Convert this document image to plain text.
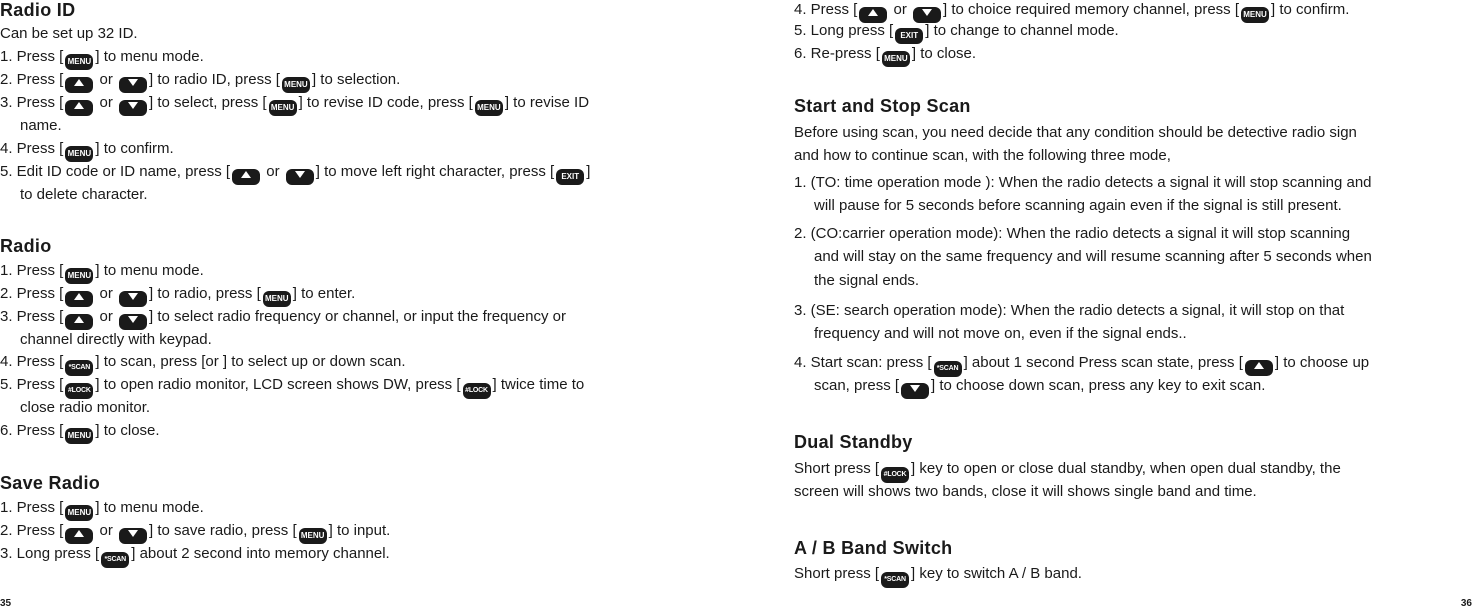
Radio ID
Can be set up 32 ID.
1. Press [ MENU ] to menu mode.
2. Press [ or ] to radio ID, press [ MENU ] to selection.
3. Press [ or ] to select, press [ MENU ] to revise ID code, press [ MENU ] to revise ID
name.
4. Press [ MENU ] to confirm.
5. Edit ID code or ID name, press [ or ] to move left right character, press [ EXIT ]
to delete character.
Radio
1. Press [ MENU ] to menu mode.
2. Press [ or ] to radio, press [ MENU ] to enter.
3. Press [ or ] to select radio frequency or channel, or input the frequency or
channel directly with keypad.
4. Press [ *SCAN ] to scan, press [or ] to select up or down scan.
5. Press [ #LOCK ] to open radio monitor, LCD screen shows DW, press [ #LOCK ] twice time to
close radio monitor.
6. Press [ MENU ] to close.
Save Radio
1. Press [ MENU ] to menu mode.
2. Press [ or ] to save radio, press [ MENU ] to input.
3. Long press [ *SCAN ] about 2 second into memory channel.
35
4. Press [ or ] to choice required memory channel, press [ MENU ] to confirm.
5. Long press [ EXIT ] to change to channel mode.
6. Re-press [ MENU ] to close.
Start and Stop Scan
Before using scan, you need decide that any condition should be detective radio sign
and how to continue scan, with the following three mode,
1. (TO: time operation mode ): When the radio detects a signal it will stop scanning and
will pause for 5 seconds before scanning again even if the signal is still present.
2. (CO:carrier operation mode): When the radio detects a signal it will stop scanning
and will stay on the same frequency and will resume scanning after 5 seconds when
the signal ends.
3. (SE: search operation mode): When the radio detects a signal, it will stop on that
frequency and will not move on, even if the signal ends..
4. Start scan: press [ *SCAN ] about 1 second Press scan state, press [ ] to choose up
scan, press [ ] to choose down scan, press any key to exit scan.
Dual Standby
Short press [ #LOCK ] key to open or close dual standby, when open dual standby, the
screen will shows two bands, close it will shows single band and time.
A / B Band Switch
Short press [ *SCAN ] key to switch A / B band.
36
